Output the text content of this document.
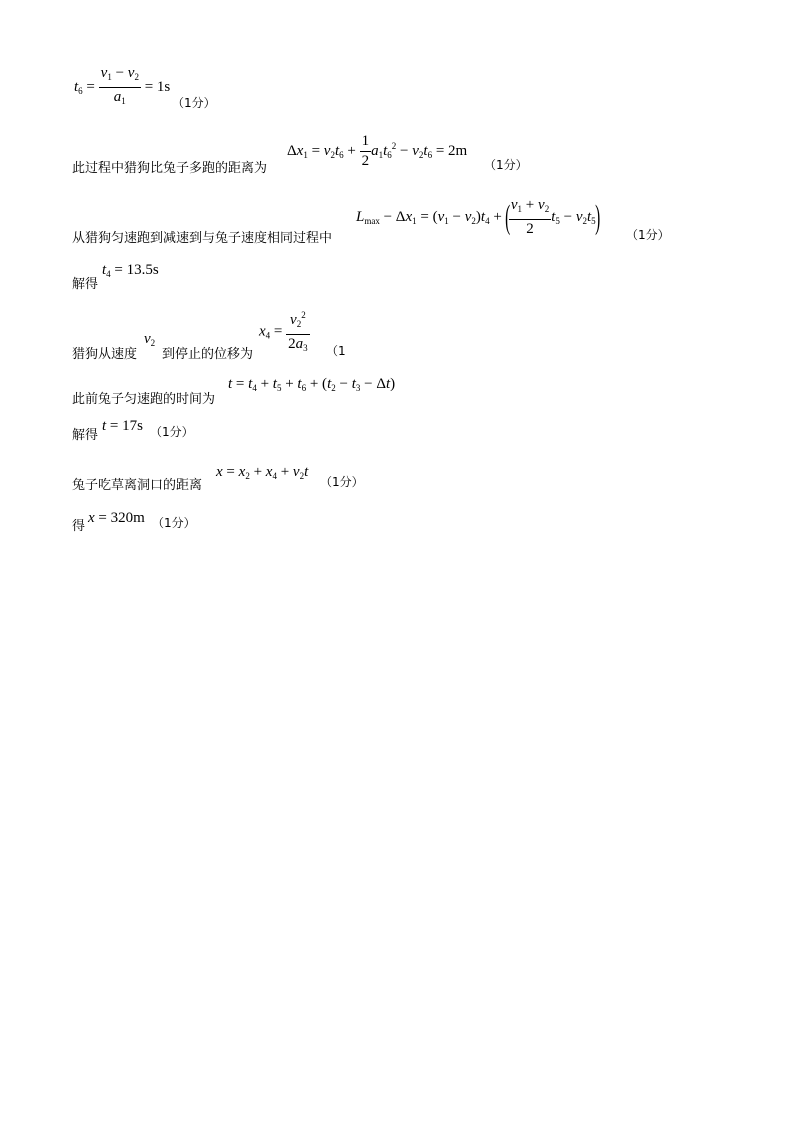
$t_6 = \frac{v_1 - v_2}{a_1} = 1s$
（1分）
此过程中猎狗比兔子多跑的距离为
$\Delta x_1 = v_2t_6 + \frac{1}{2} a_1t_6^2 - v_2t_6 = 2m$
（1分）
从猎狗匀速跑到减速到与兔子速度相同过程中
$L_{max} - \Delta x_1 = (v_1 - v_2)t_4$ + ( $\frac{v_1 + v_2}{2} t_5 - v_2t_5$) （1分）
解得
$t_4 = 13.5s$
猎狗从速度
$v_2$
到停止的位移为
$x_4 = \frac{v_2^2}{2a_3} (1$
此前兔子匀速跑的时间为
$t = t_4 + t_5 + t_6 + (t_2 - t_3 - \Delta t)$
解得
t = 17s （1分）
兔子吃草离洞口的距离
$x = x_2 + x_4 + v_2t$
（1分）
得
x = 320m （1分）
